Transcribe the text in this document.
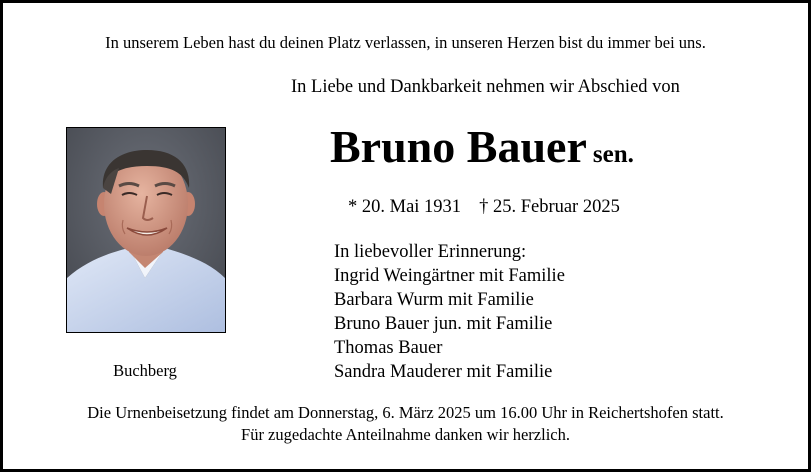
In unserem Leben hast du deinen Platz verlassen, in unseren Herzen bist du immer bei uns.
In Liebe und Dankbarkeit nehmen wir Abschied von
Bruno Bauer sen.
* 20. Mai 1931 † 25. Februar 2025
In liebevoller Erinnerung:
Ingrid Weingärtner mit Familie
Barbara Wurm mit Familie
Bruno Bauer jun. mit Familie
Thomas Bauer
Sandra Mauderer mit Familie
Buchberg
Die Urnenbeisetzung findet am Donnerstag, 6. März 2025 um 16.00 Uhr in Reichertshofen statt.
Für zugedachte Anteilnahme danken wir herzlich.
